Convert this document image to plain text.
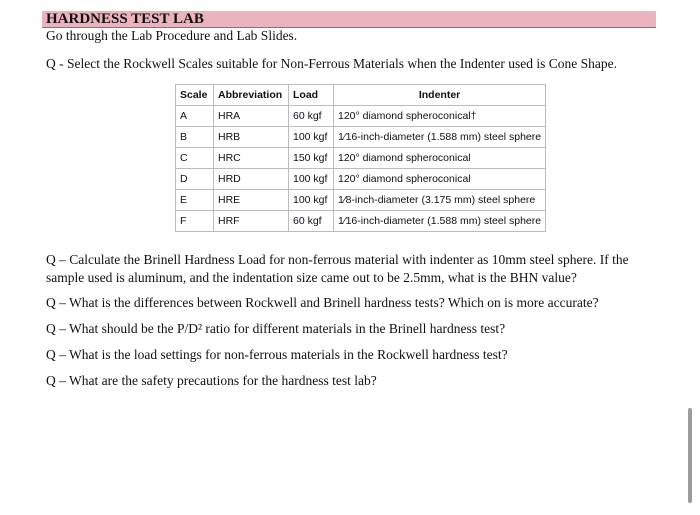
HARDNESS TEST LAB
Go through the Lab Procedure and Lab Slides.
Q - Select the Rockwell Scales suitable for Non-Ferrous Materials when the Indenter used is Cone Shape.
Scale	Abbreviation	Load	Indenter
A	HRA	60 kgf	120° diamond spheroconical†
B	HRB	100 kgf	1⁄16-inch-diameter (1.588 mm) steel sphere
C	HRC	150 kgf	120° diamond spheroconical
D	HRD	100 kgf	120° diamond spheroconical
E	HRE	100 kgf	1⁄8-inch-diameter (3.175 mm) steel sphere
F	HRF	60 kgf	1⁄16-inch-diameter (1.588 mm) steel sphere
Q – Calculate the Brinell Hardness Load for non-ferrous material with indenter as 10mm steel sphere. If the sample used is aluminum, and the indentation size came out to be 2.5mm, what is the BHN value?
Q – What is the differences between Rockwell and Brinell hardness tests? Which on is more accurate?
Q – What should be the P/D² ratio for different materials in the Brinell hardness test?
Q – What is the load settings for non-ferrous materials in the Rockwell hardness test?
Q – What are the safety precautions for the hardness test lab?
